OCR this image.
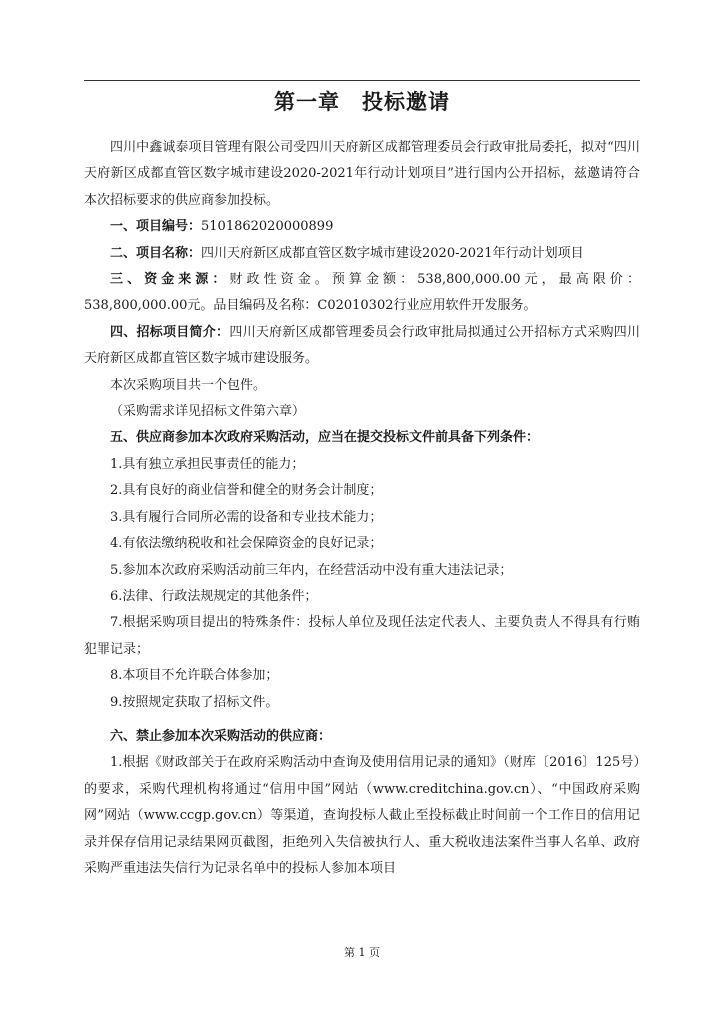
第一章　投标邀请

四川中鑫诚泰项目管理有限公司受四川天府新区成都管理委员会行政审批局委托，拟对“四川天府新区成都直管区数字城市建设2020-2021年行动计划项目”进行国内公开招标，兹邀请符合本次招标要求的供应商参加投标。

一、项目编号：5101862020000899

二、项目名称：四川天府新区成都直管区数字城市建设2020-2021年行动计划项目

三、资金来源：财政性资金。预算金额：538,800,000.00元，最高限价：538,800,000.00元。品目编码及名称：C02010302行业应用软件开发服务。

四、招标项目简介：四川天府新区成都管理委员会行政审批局拟通过公开招标方式采购四川天府新区成都直管区数字城市建设服务。

本次采购项目共一个包件。

（采购需求详见招标文件第六章）

五、供应商参加本次政府采购活动，应当在提交投标文件前具备下列条件：

1.具有独立承担民事责任的能力；

2.具有良好的商业信誉和健全的财务会计制度；

3.具有履行合同所必需的设备和专业技术能力；

4.有依法缴纳税收和社会保障资金的良好记录；

5.参加本次政府采购活动前三年内，在经营活动中没有重大违法记录；

6.法律、行政法规规定的其他条件；

7.根据采购项目提出的特殊条件：投标人单位及现任法定代表人、主要负责人不得具有行贿犯罪记录；

8.本项目不允许联合体参加；

9.按照规定获取了招标文件。

六、禁止参加本次采购活动的供应商：

1.根据《财政部关于在政府采购活动中查询及使用信用记录的通知》（财库〔2016〕125号）的要求，采购代理机构将通过“信用中国”网站（www.creditchina.gov.cn）、“中国政府采购网”网站（www.ccgp.gov.cn）等渠道，查询投标人截止至投标截止时间前一个工作日的信用记录并保存信用记录结果网页截图，拒绝列入失信被执行人、重大税收违法案件当事人名单、政府采购严重违法失信行为记录名单中的投标人参加本项目

第 1 页
